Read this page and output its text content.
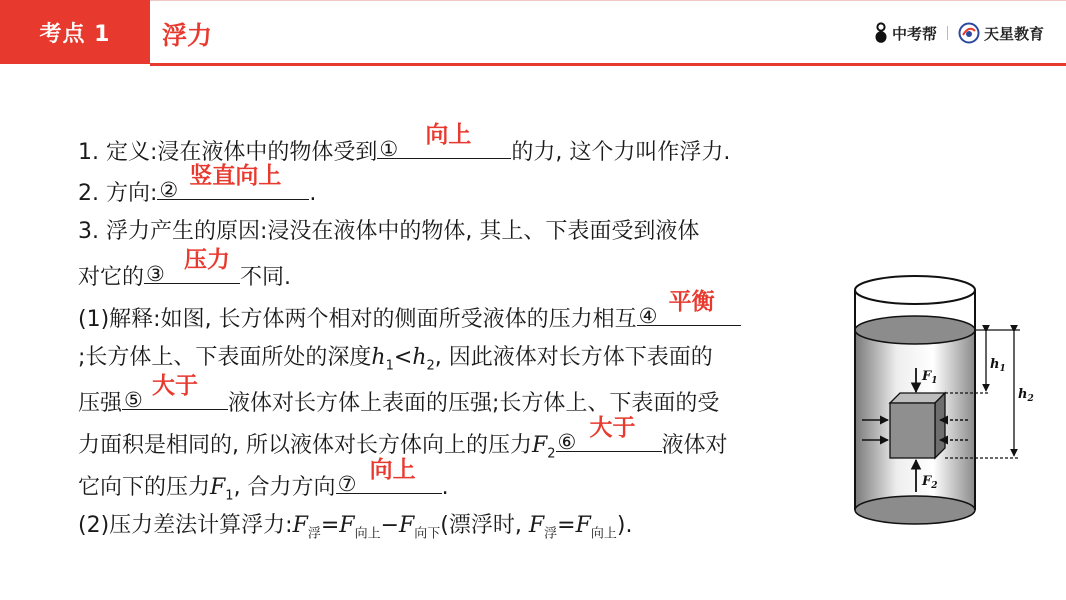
考点 1	浮力	中考帮	天星教育
1. 定义:浸在液体中的物体受到 ①
向上
的力, 这个力叫作浮力.
2. 方向: ②
竖直向上
.
3. 浮力产生的原因:浸没在液体中的物体, 其上、下表面受到液体
对它的 ③
压力
不同.
(1)解释:如图, 长方体两个相对的侧面所受液体的压力相互 ④
平衡
;长方体上、下表面所处的深度$h_1<h_2$, 因此液体对长方体下表面的
压强 ⑤
大于
液体对长方体上表面的压强;长方体上、下表面的受
力面积是相同的, 所以液体对长方体向上的压力$F_2$ ⑥
大于
液体对
它向下的压力$F_1$, 合力方向 ⑦
向上
.
(2)压力差法计算浮力$:F_浮=F_{向上}-F_{向下}$(漂浮时, $F_浮=F_{向上}$).
$F_1$
$F_2$
$h_1$
$h_2$
